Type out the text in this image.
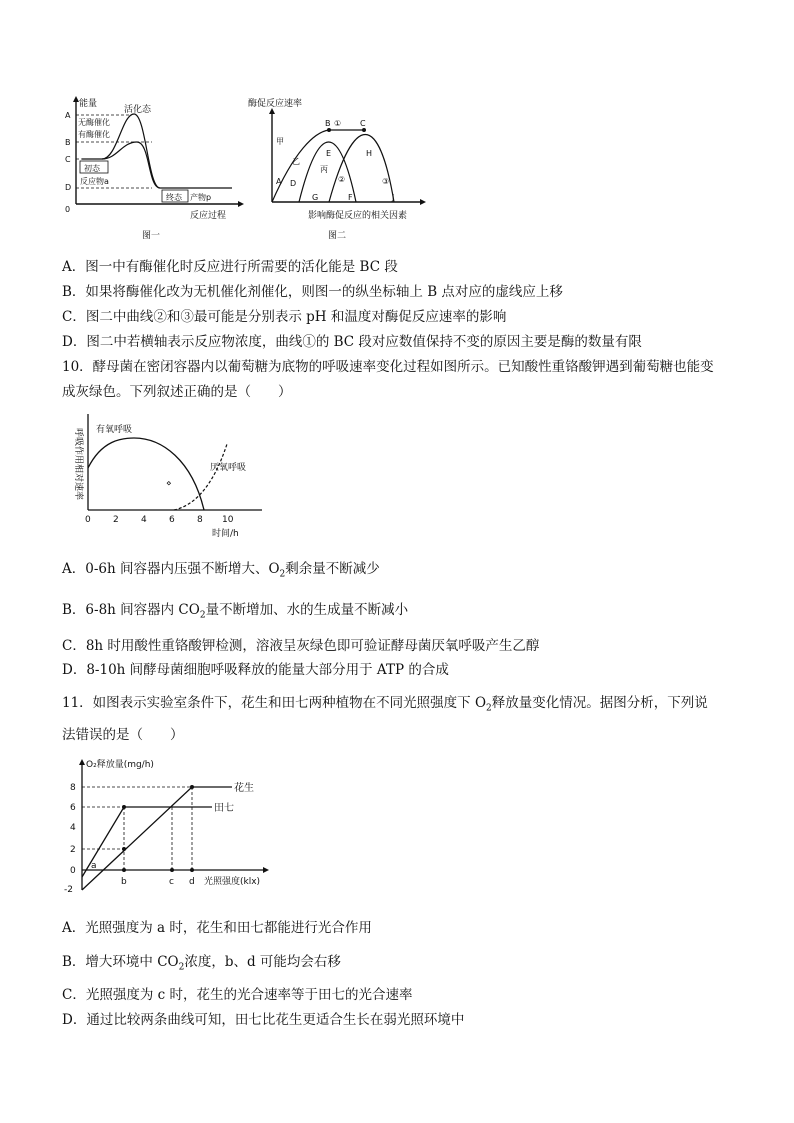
能量
A
B
C
D
0
活化态
无酶催化
有酶催化
初态
反应物a
终态 产物p
反应过程
图一
酶促反应速率
甲
乙
丙
A
B ① C
D
E
F
②
G
H
③
J
影响酶促反应的相关因素
图二
A．图一中有酶催化时反应进行所需要的活化能是 BC 段
B．如果将酶催化改为无机催化剂催化，则图一的纵坐标轴上 B 点对应的虚线应上移
C．图二中曲线②和③最可能是分别表示 pH 和温度对酶促反应速率的影响
D．图二中若横轴表示反应物浓度，曲线①的 BC 段对应数值保持不变的原因主要是酶的数量有限
10．酵母菌在密闭容器内以葡萄糖为底物的呼吸速率变化过程如图所示。已知酸性重铬酸钾遇到葡萄糖也能变
成灰绿色。下列叙述正确的是（　　）
呼吸作用相对速率	⋄
有氧呼吸
厌氧呼吸
0 2 4 6 8 10
时间/h
A．0-6h 间容器内压强不断增大、$O_2$剩余量不断减少
B．6-8h 间容器内 $CO_2$量不断增加、水的生成量不断减小
C．8h 时用酸性重铬酸钾检测，溶液呈灰绿色即可验证酵母菌厌氧呼吸产生乙醇
D．8-10h 间酵母菌细胞呼吸释放的能量大部分用于 ATP 的合成
11．如图表示实验室条件下，花生和田七两种植物在不同光照强度下 $O_2$释放量变化情况。据图分析，下列说
法错误的是（　　）
O₂释放量(mg/h)
8
6
4
2
0
-2
花生
田七
a
b	c d 光照强度(klx)
A．光照强度为 a 时，花生和田七都能进行光合作用
B．增大环境中 $CO_2$浓度，b、d 可能均会右移
C．光照强度为 c 时，花生的光合速率等于田七的光合速率
D．通过比较两条曲线可知，田七比花生更适合生长在弱光照环境中
